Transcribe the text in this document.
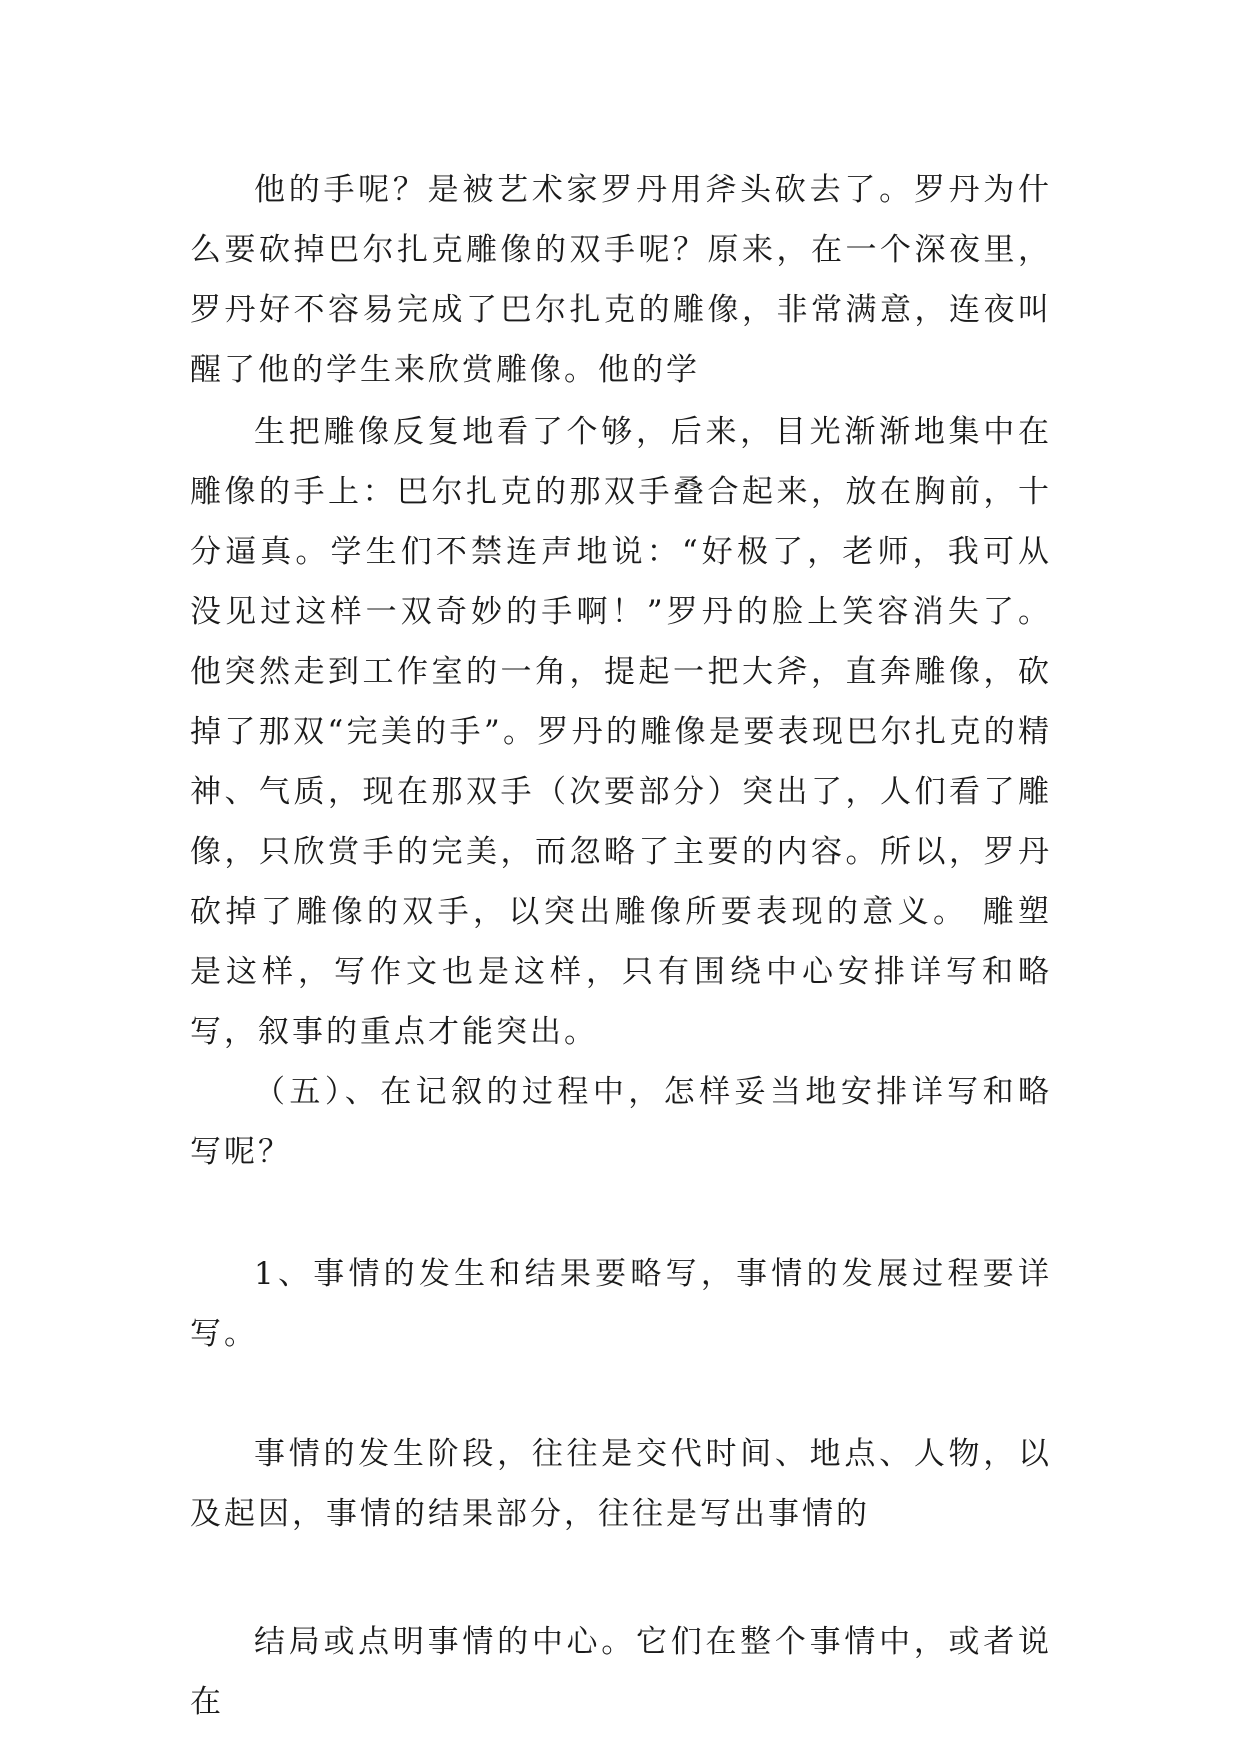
他的手呢？是被艺术家罗丹用斧头砍去了。罗丹为什么要砍掉巴尔扎克雕像的双手呢？原来，在一个深夜里，罗丹好不容易完成了巴尔扎克的雕像，非常满意，连夜叫醒了他的学生来欣赏雕像。他的学

生把雕像反复地看了个够，后来，目光渐渐地集中在雕像的手上：巴尔扎克的那双手叠合起来，放在胸前，十分逼真。学生们不禁连声地说：“好极了，老师，我可从没见过这样一双奇妙的手啊！”罗丹的脸上笑容消失了。他突然走到工作室的一角，提起一把大斧，直奔雕像，砍掉了那双“完美的手”。罗丹的雕像是要表现巴尔扎克的精神、气质，现在那双手（次要部分）突出了，人们看了雕像，只欣赏手的完美，而忽略了主要的内容。所以，罗丹砍掉了雕像的双手，以突出雕像所要表现的意义。 雕塑是这样，写作文也是这样，只有围绕中心安排详写和略写，叙事的重点才能突出。

（五）、在记叙的过程中，怎样妥当地安排详写和略写呢？

1、事情的发生和结果要略写，事情的发展过程要详写。

事情的发生阶段，往往是交代时间、地点、人物，以及起因，事情的结果部分，往往是写出事情的

结局或点明事情的中心。它们在整个事情中，或者说在
